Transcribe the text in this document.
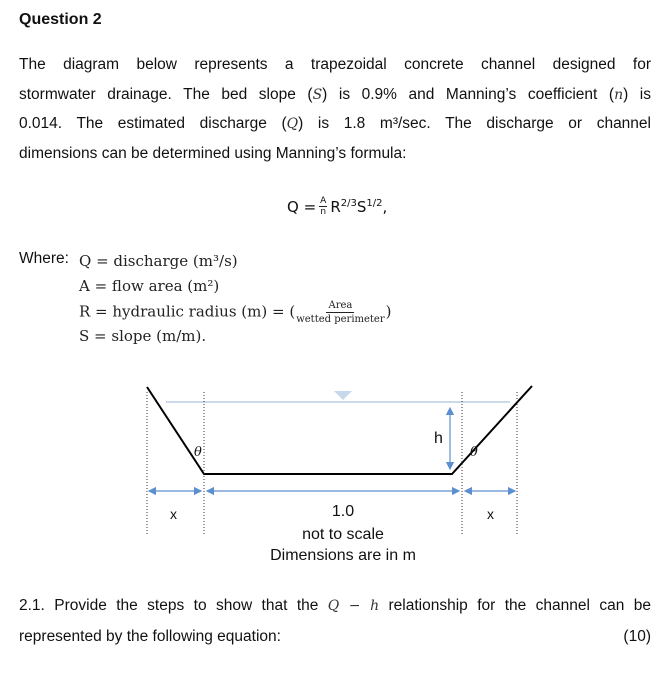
Question 2
The diagram below represents a trapezoidal concrete channel designed for
stormwater drainage. The bed slope (S) is 0.9% and Manning’s coefficient (n) is
0.014. The estimated discharge (Q) is 1.8 m³/sec. The discharge or channel
dimensions can be determined using Manning’s formula:
$Q = \frac{A}{n} R^{2/3}S^{1/2}$,
Where: Q = discharge (m³/s)
A = flow area (m²)
R = hydraulic radius (m) = ( $\frac{\text{Area}}{\text{wetted perimeter}}$ )
S = slope (m/m).
h
θ	θ
x	x
1.0
not to scale
Dimensions are in m
2.1. Provide the steps to show that the Q − h relationship for the channel can be
represented by the following equation:	(10)
